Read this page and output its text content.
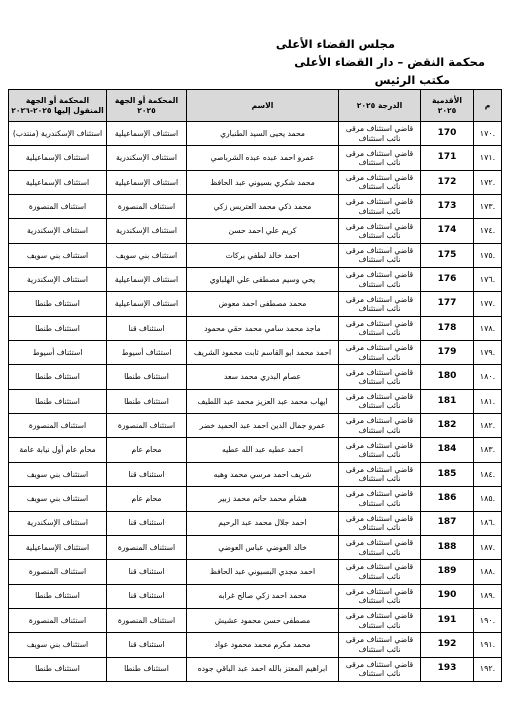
مجلس القضاء الأعلى
محكمة النقض – دار القضاء الأعلى
مكتب الرئيس
م	الأقدمية ٢٠٢٥	الدرجة ٢٠٢٥	الاسم	المحكمة أو الجهة ٢٠٢٥	المحكمة أو الجهة المنقول إليها ٢٠٢٥-٢٠٢٦
.١٧٠	170	قاضي استئناف مرقى نائب استئناف	محمد يحيى السيد الطنباري	استئناف الإسماعيلية	استئناف الإسكندرية (منتدب)
.١٧١	171	قاضي استئناف مرقى نائب استئناف	عمرو احمد عبده عبده الشرباصي	استئناف الإسكندرية	استئناف الإسماعيلية
.١٧٢	172	قاضي استئناف مرقى نائب استئناف	محمد شكري بسيوني عبد الحافظ	استئناف الإسماعيلية	استئناف الإسماعيلية
.١٧٣	173	قاضي استئناف مرقى نائب استئناف	محمد ذكي محمد العتريس زكي	استئناف المنصورة	استئناف المنصورة
.١٧٤	174	قاضي استئناف مرقى نائب استئناف	كريم علي احمد حسن	استئناف الإسكندرية	استئناف الإسكندرية
.١٧٥	175	قاضي استئناف مرقى نائب استئناف	احمد خالد لطفي بركات	استئناف بني سويف	استئناف بني سويف
.١٧٦	176	قاضي استئناف مرقى نائب استئناف	يحي وسيم مصطفى علي الهلباوي	استئناف الإسماعيلية	استئناف الإسكندرية
.١٧٧	177	قاضي استئناف مرقى نائب استئناف	محمد مصطفى احمد معوض	استئناف الإسماعيلية	استئناف طنطا
.١٧٨	178	قاضي استئناف مرقى نائب استئناف	ماجد محمد سامي محمد حقي محمود	استئناف قنا	استئناف طنطا
.١٧٩	179	قاضي استئناف مرقى نائب استئناف	احمد محمد ابو القاسم ثابت محمود الشريف	استئناف أسيوط	استئناف أسيوط
.١٨٠	180	قاضي استئناف مرقى نائب استئناف	عصام البدري محمد سعد	استئناف طنطا	استئناف طنطا
.١٨١	181	قاضي استئناف مرقى نائب استئناف	ايهاب محمد عبد العزيز محمد عبد اللطيف	استئناف طنطا	استئناف طنطا
.١٨٢	182	قاضي استئناف مرقى نائب استئناف	عمرو جمال الدين احمد عبد الحميد خضر	استئناف المنصورة	استئناف المنصورة
.١٨٣	184	قاضي استئناف مرقى نائب استئناف	احمد عطيه عبد الله عطيه	محام عام	محام عام أول نيابة عامة
.١٨٤	185	قاضي استئناف مرقى نائب استئناف	شريف احمد مرسي محمد وهبه	استئناف قنا	استئناف بني سويف
.١٨٥	186	قاضي استئناف مرقى نائب استئناف	هشام محمد حاتم محمد زبير	محام عام	استئناف بني سويف
.١٨٦	187	قاضي استئناف مرقى نائب استئناف	احمد جلال محمد عبد الرحيم	استئناف قنا	استئناف الإسكندرية
.١٨٧	188	قاضي استئناف مرقى نائب استئناف	خالد العوضي عباس العوضي	استئناف المنصورة	استئناف الإسماعيلية
.١٨٨	189	قاضي استئناف مرقى نائب استئناف	احمد مجدي البسيوني عبد الحافظ	استئناف قنا	استئناف المنصورة
.١٨٩	190	قاضي استئناف مرقى نائب استئناف	محمد احمد زكي صالح غرابه	استئناف قنا	استئناف طنطا
.١٩٠	191	قاضي استئناف مرقى نائب استئناف	مصطفى حسن محمود عشيش	استئناف المنصورة	استئناف المنصورة
.١٩١	192	قاضي استئناف مرقى نائب استئناف	محمد مكرم محمد محمود عواد	استئناف قنا	استئناف بني سويف
.١٩٢	193	قاضي استئناف مرقى نائب استئناف	ابراهيم المعتز بالله احمد عبد الباقي جوده	استئناف طنطا	استئناف طنطا
